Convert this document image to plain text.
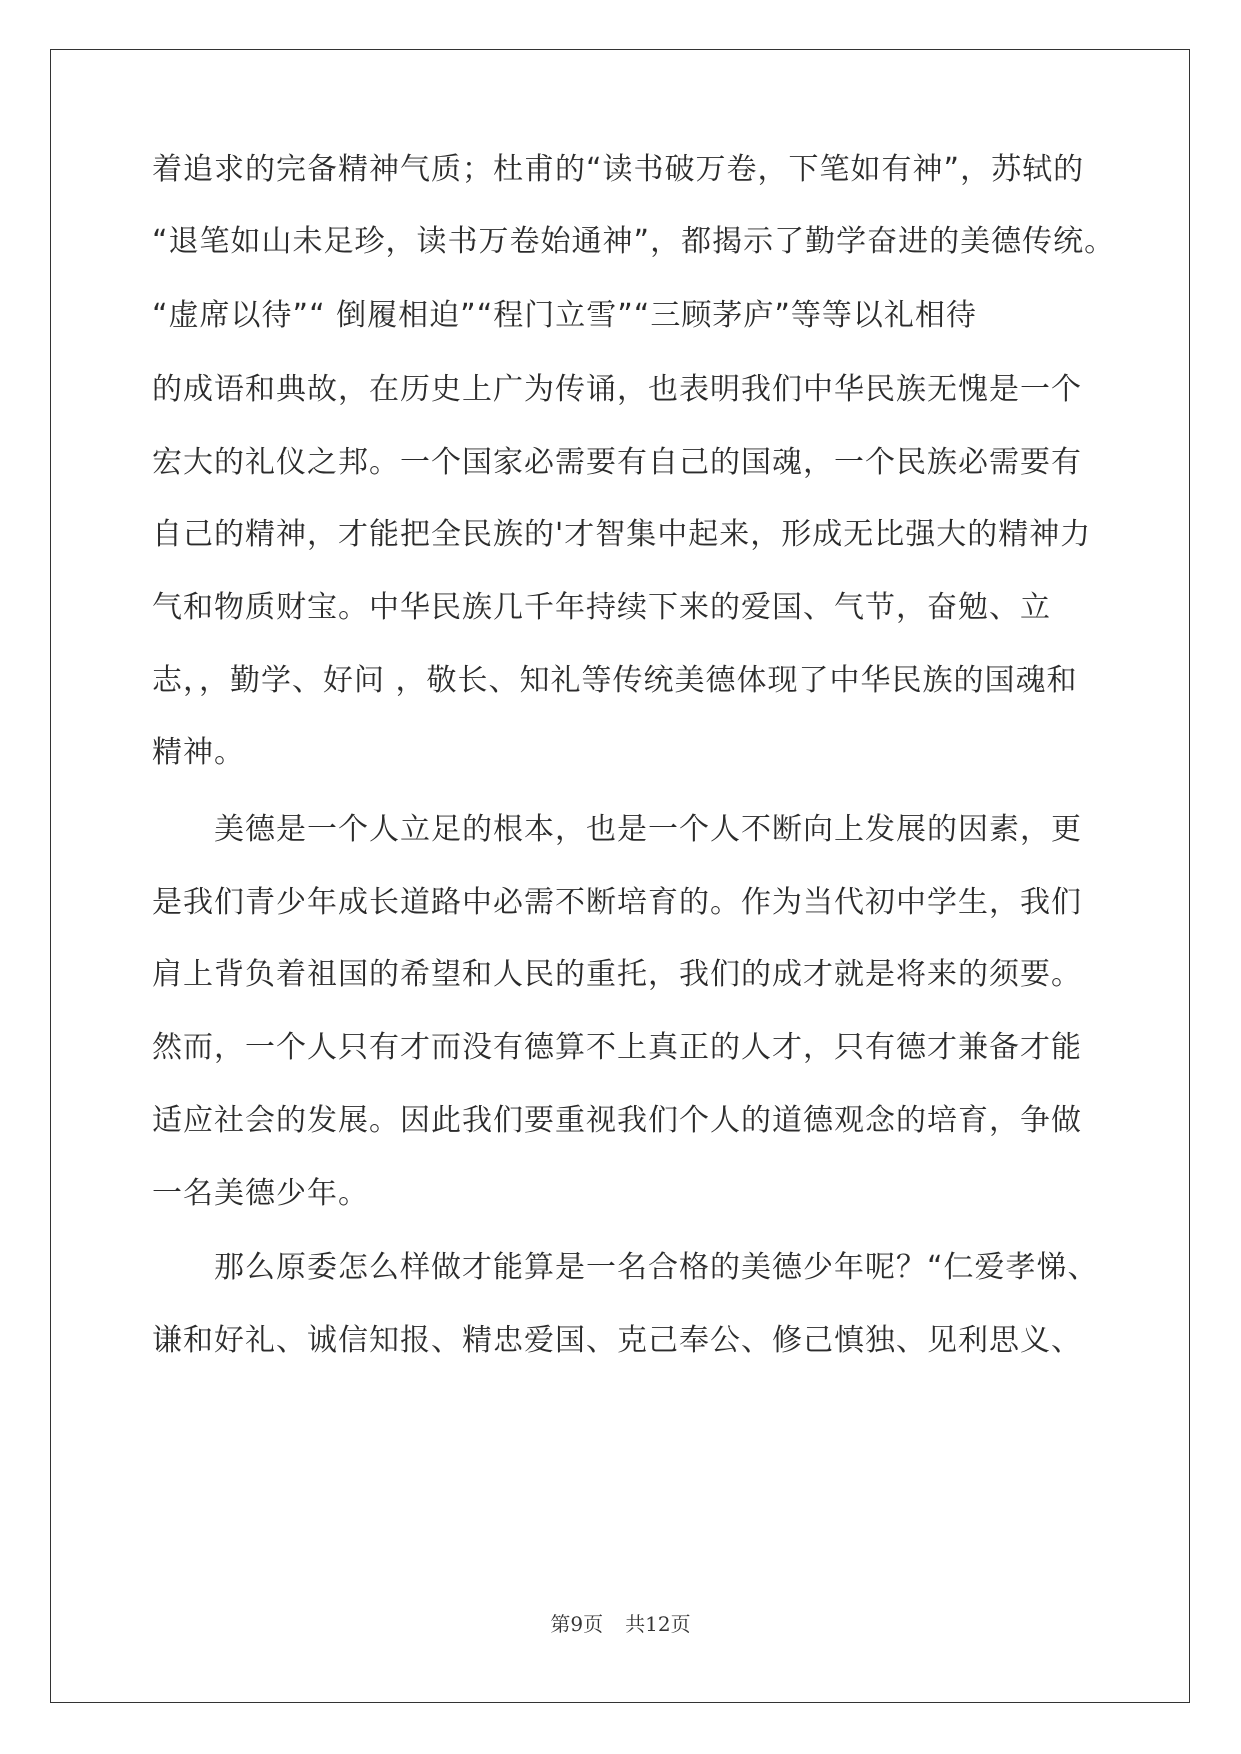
着追求的完备精神气质；杜甫的“读书破万卷，下笔如有神”，苏轼的
“退笔如山未足珍，读书万卷始通神”，都揭示了勤学奋进的美德传统。
“虚席以待”“ 倒履相迫”“程门立雪”“三顾茅庐”等等以礼相待
的成语和典故，在历史上广为传诵，也表明我们中华民族无愧是一个
宏大的礼仪之邦。一个国家必需要有自己的国魂，一个民族必需要有
自己的精神，才能把全民族的'才智集中起来，形成无比强大的精神力
气和物质财宝。中华民族几千年持续下来的爱国、气节，奋勉、立
志，，勤学、好问 ，敬长、知礼等传统美德体现了中华民族的国魂和
精神。
　　美德是一个人立足的根本，也是一个人不断向上发展的因素，更
是我们青少年成长道路中必需不断培育的。作为当代初中学生，我们
肩上背负着祖国的希望和人民的重托，我们的成才就是将来的须要。
然而，一个人只有才而没有德算不上真正的人才，只有德才兼备才能
适应社会的发展。因此我们要重视我们个人的道德观念的培育，争做
一名美德少年。
　　那么原委怎么样做才能算是一名合格的美德少年呢？“仁爱孝悌、
谦和好礼、诚信知报、精忠爱国、克己奉公、修己慎独、见利思义、
第9页 共12页
